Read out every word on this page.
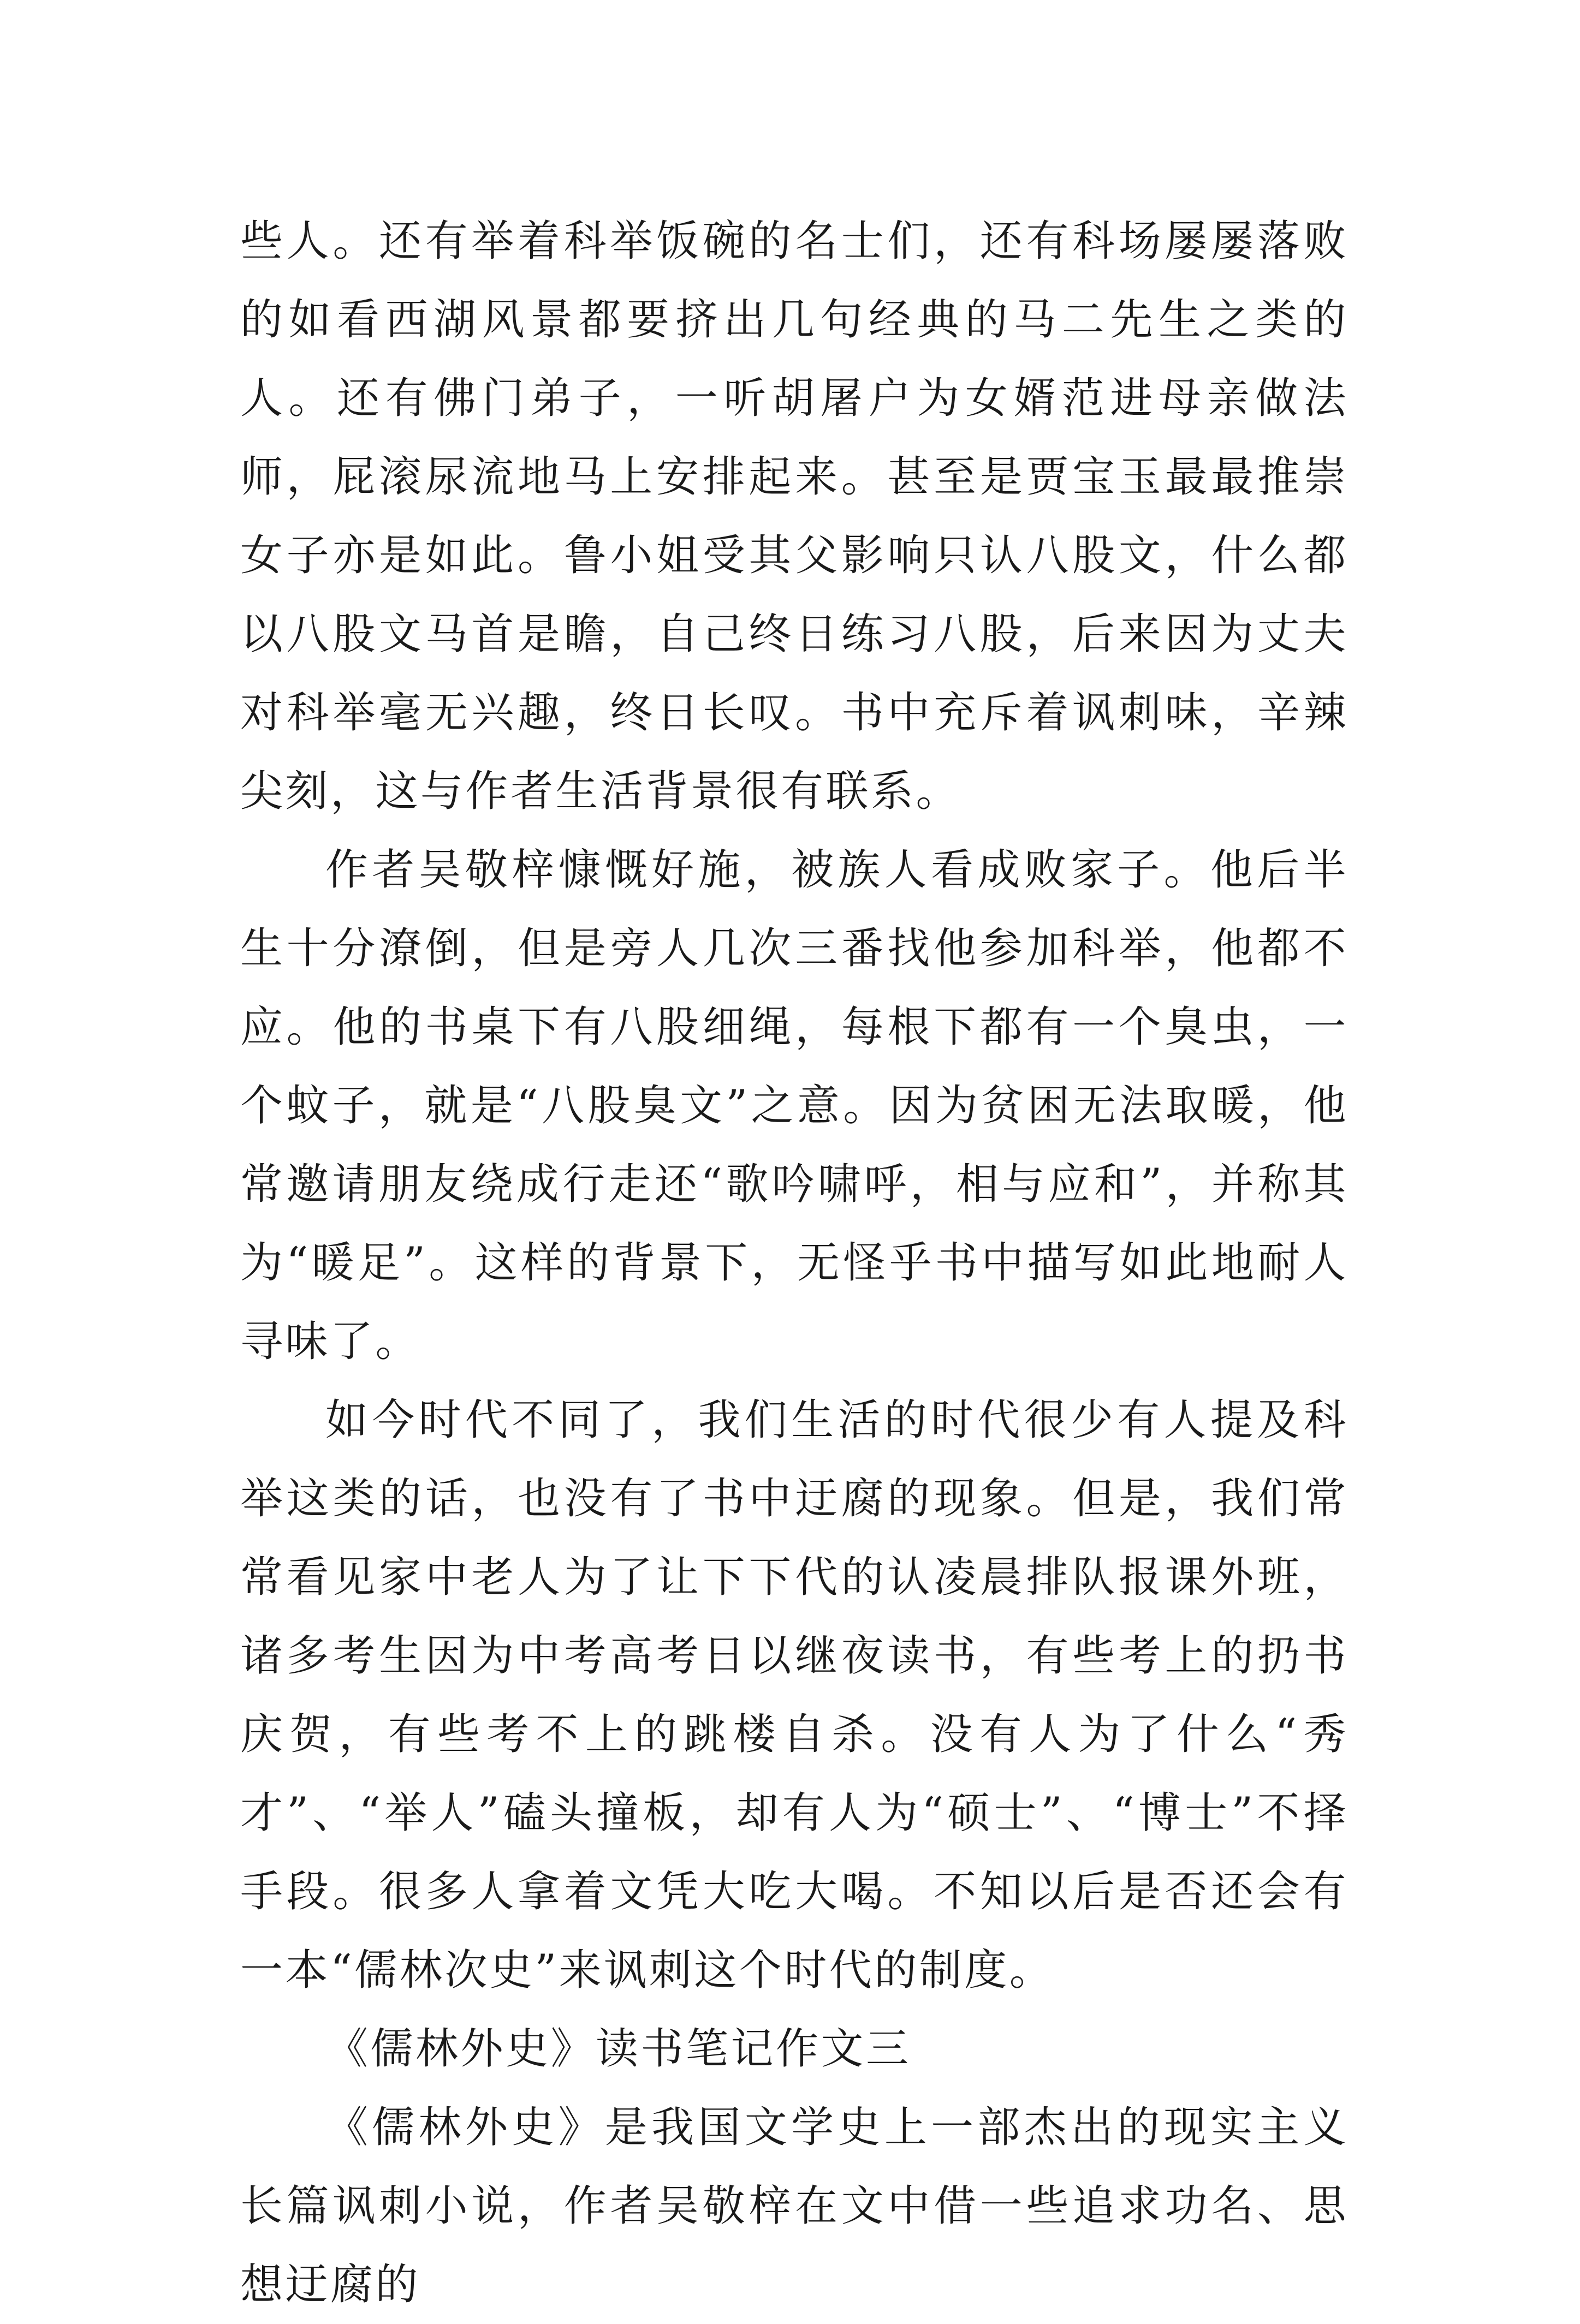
些人。还有举着科举饭碗的名士们，还有科场屡屡落败的如看西湖风景都要挤出几句经典的马二先生之类的人。还有佛门弟子，一听胡屠户为女婿范进母亲做法师，屁滚尿流地马上安排起来。甚至是贾宝玉最最推崇女子亦是如此。鲁小姐受其父影响只认八股文，什么都以八股文马首是瞻，自己终日练习八股，后来因为丈夫对科举毫无兴趣，终日长叹。书中充斥着讽刺味，辛辣尖刻，这与作者生活背景很有联系。

作者吴敬梓慷慨好施，被族人看成败家子。他后半生十分潦倒，但是旁人几次三番找他参加科举，他都不应。他的书桌下有八股细绳，每根下都有一个臭虫，一个蚊子，就是“八股臭文”之意。因为贫困无法取暖，他常邀请朋友绕成行走还“歌吟啸呼，相与应和”，并称其为“暖足”。这样的背景下，无怪乎书中描写如此地耐人寻味了。

如今时代不同了，我们生活的时代很少有人提及科举这类的话，也没有了书中迂腐的现象。但是，我们常常看见家中老人为了让下下代的认凌晨排队报课外班，诸多考生因为中考高考日以继夜读书，有些考上的扔书庆贺，有些考不上的跳楼自杀。没有人为了什么“秀才”、“举人”磕头撞板，却有人为“硕士”、“博士”不择手段。很多人拿着文凭大吃大喝。不知以后是否还会有一本“儒林次史”来讽刺这个时代的制度。

《儒林外史》读书笔记作文三

《儒林外史》是我国文学史上一部杰出的现实主义长篇讽刺小说，作者吴敬梓在文中借一些追求功名、思想迂腐的
